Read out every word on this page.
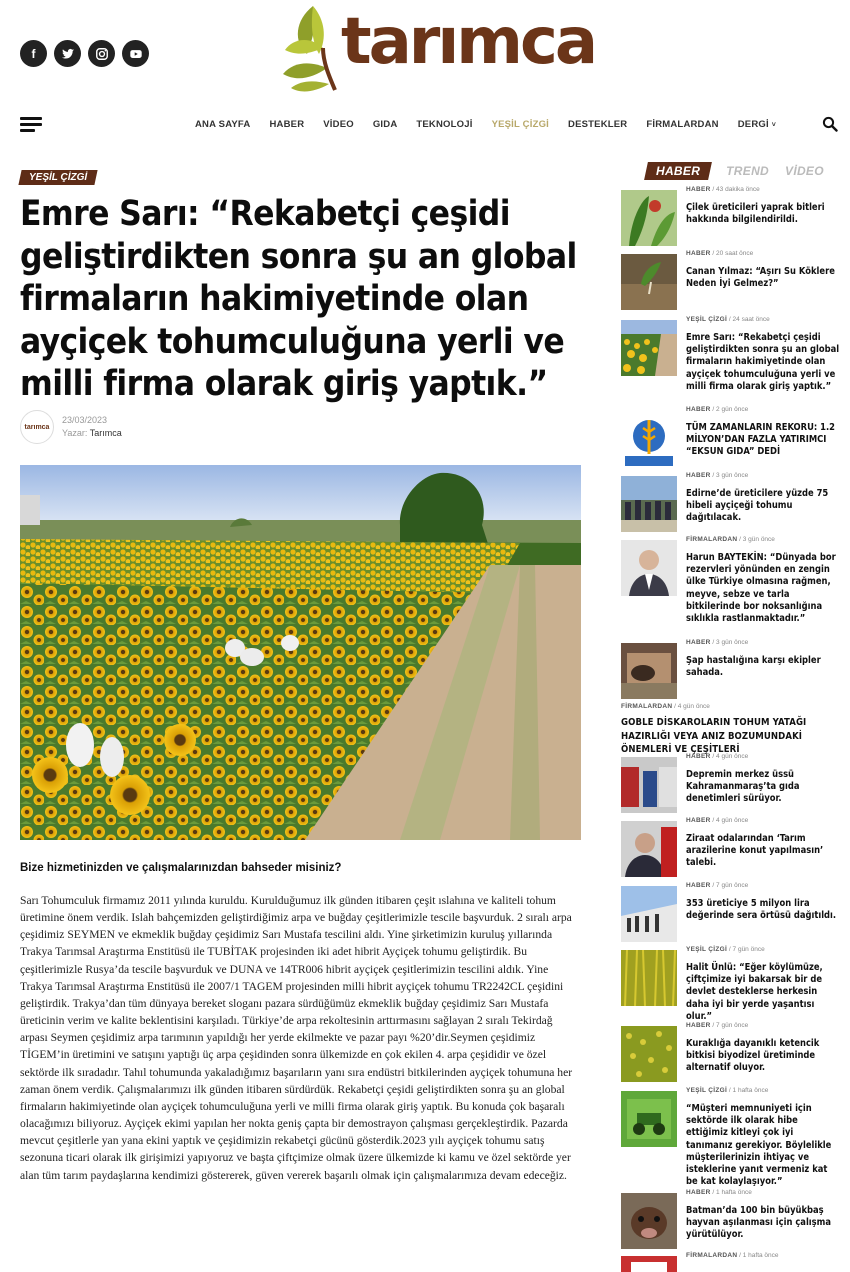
f	tarımca
ANA SAYFA HABER VİDEO GIDA TEKNOLOJİ YEŞİL ÇİZGİ DESTEKLER FİRMALARDAN DERGİ ˅
YEŞİL ÇİZGİ
Emre Sarı: “Rekabetçi çeşidi geliştirdikten sonra şu an global firmaların hakimiyetinde olan ayçiçek tohumculuğuna yerli ve milli firma olarak giriş yaptık.”
tarımca
23/03/2023
Yazar: Tarımca
Bize hizmetinizden ve çalışmalarınızdan bahseder misiniz?
Sarı Tohumculuk firmamız 2011 yılında kuruldu. Kurulduğumuz ilk günden itibaren çeşit ıslahına ve kaliteli tohum üretimine önem verdik. Islah bahçemizden geliştirdiğimiz arpa ve buğday çeşitlerimizle tescile başvurduk. 2 sıralı arpa çeşidimiz SEYMEN ve ekmeklik buğday çeşidimiz Sarı Mustafa tescilini aldı. Yine şirketimizin kuruluş yıllarında Trakya Tarımsal Araştırma Enstitüsü ile TUBİTAK projesinden iki adet hibrit Ayçiçek tohumu geliştirdik. Bu çeşitlerimizle Rusya’da tescile başvurduk ve DUNA ve 14TR006 hibrit ayçiçek çeşitlerimizin tescilini aldık. Yine Trakya Tarımsal Araştırma Enstitüsü ile 2007/1 TAGEM projesinden milli hibrit ayçiçek tohumu TR2242CL çeşidini geliştirdik. Trakya’dan tüm dünyaya bereket sloganı pazara sürdüğümüz ekmeklik buğday çeşidimiz Sarı Mustafa üreticinin verim ve kalite beklentisini karşıladı. Türkiye’de arpa rekoltesinin arttırmasını sağlayan 2 sıralı Tekirdağ arpası Seymen çeşidimiz arpa tarımının yapıldığı her yerde ekilmekte ve pazar payı %20’dir.Seymen çeşidimiz TİGEM’in üretimini ve satışını yaptığı üç arpa çeşidinden sonra ülkemizde en çok ekilen 4. arpa çeşididir ve özel sektörde ilk sıradadır. Tahıl tohumunda yakaladığımız başarıların yanı sıra endüstri bitkilerinden ayçiçek tohumuna her zaman önem verdik. Çalışmalarımızı ilk günden itibaren sürdürdük. Rekabetçi çeşidi geliştirdikten sonra şu an global firmaların hakimiyetinde olan ayçiçek tohumculuğuna yerli ve milli firma olarak giriş yaptık. Bu konuda çok başaralı olacağımızı biliyoruz. Ayçiçek ekimi yapılan her nokta geniş çapta bir demostrayon çalışması gerçekleştirdik. Pazarda mevcut çeşitlerle yan yana ekini yaptık ve çeşidimizin rekabetçi gücünü gösterdik.2023 yılı ayçiçek tohumu satış sezonuna ticari olarak ilk girişimizi yapıyoruz ve başta çiftçimize olmak üzere ülkemizde ki kamu ve özel sektörde yer alan tüm tarım paydaşlarına kendimizi göstererek, güven vererek başarılı olmak için çalışmalarımıza devam edeceğiz.
HABER	TREND VİDEO
HABER / 43 dakika önce
Çilek üreticileri yaprak bitleri hakkında bilgilendirildi.
HABER / 20 saat önce
Canan Yılmaz: “Aşırı Su Köklere Neden İyi Gelmez?”
YEŞİL ÇİZGİ / 24 saat önce
Emre Sarı: “Rekabetçi çeşidi geliştirdikten sonra şu an global firmaların hakimiyetinde olan ayçiçek tohumculuğuna yerli ve milli firma olarak giriş yaptık.”
HABER / 2 gün önce
TÜM ZAMANLARIN REKORU: 1.2 MİLYON’DAN FAZLA YATIRIMCI “EKSUN GIDA” DEDİ
HABER / 3 gün önce
Edirne’de üreticilere yüzde 75 hibeli ayçiçeği tohumu dağıtılacak.
FİRMALARDAN / 3 gün önce
Harun BAYTEKİN: “Dünyada bor rezervleri yönünden en zengin ülke Türkiye olmasına rağmen, meyve, sebze ve tarla bitkilerinde bor noksanlığına sıklıkla rastlanmaktadır.”
HABER / 3 gün önce
Şap hastalığına karşı ekipler sahada.
FİRMALARDAN / 4 gün önce
GOBLE DİSKAROLARIN TOHUM YATAĞI HAZIRLIĞI VEYA ANIZ BOZUMUNDAKİ ÖNEMLERİ VE ÇEŞİTLERİ
HABER / 4 gün önce
Depremin merkez üssü Kahramanmaraş’ta gıda denetimleri sürüyor.
HABER / 4 gün önce
Ziraat odalarından ‘Tarım arazilerine konut yapılmasın’ talebi.
HABER / 7 gün önce
353 üreticiye 5 milyon lira değerinde sera örtüsü dağıtıldı.
YEŞİL ÇİZGİ / 7 gün önce
Halit Ünlü: “Eğer köylümüze, çiftçimize iyi bakarsak bir de devlet desteklerse herkesin daha iyi bir yerde yaşantısı olur.”
HABER / 7 gün önce
Kuraklığa dayanıklı ketencik bitkisi biyodizel üretiminde alternatif oluyor.
YEŞİL ÇİZGİ / 1 hafta önce
“Müşteri memnuniyeti için sektörde ilk olarak hibe ettiğimiz kitleyi çok iyi tanımanız gerekiyor. Böylelikle müşterilerinizin ihtiyaç ve isteklerine yanıt vermeniz kat be kat kolaylaşıyor.”
HABER / 1 hafta önce
Batman’da 100 bin büyükbaş hayvan aşılanması için çalışma yürütülüyor.
FİRMALARDAN / 1 hafta önce
